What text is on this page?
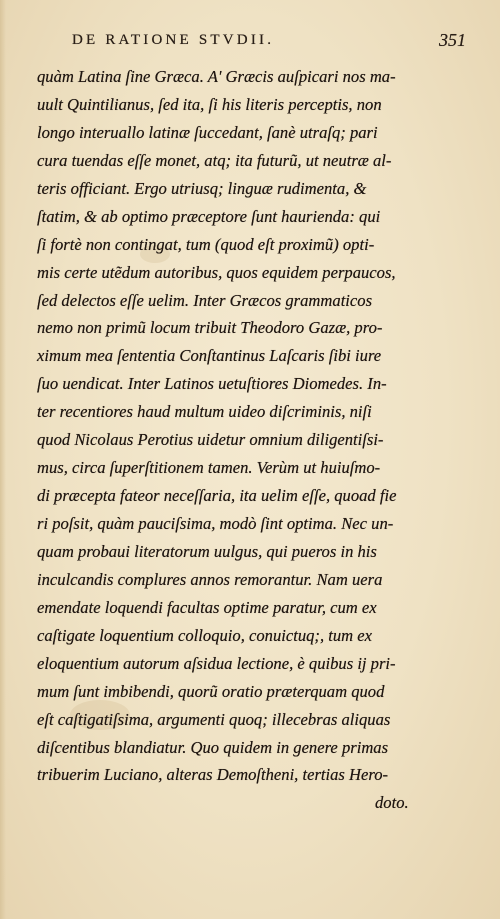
DE RATIONE STVDII.	351
quàm Latina ſine Græca. A' Græcis auſpicari nos ma-
uult Quintilianus, ſed ita, ſi his literis perceptis, non
longo interuallo latinæ ſuccedant, ſanè utraſq; pari
cura tuendas eſſe monet, atq; ita futurũ, ut neutræ al-
teris officiant. Ergo utriusq; linguæ rudimenta, &
ſtatim, & ab optimo præceptore ſunt haurienda: qui
ſi fortè non contingat, tum (quod eſt proximũ) opti-
mis certe utẽdum autoribus, quos equidem perpaucos,
ſed delectos eſſe uelim. Inter Græcos grammaticos
nemo non primũ locum tribuit Theodoro Gazæ, pro-
ximum mea ſententia Conſtantinus Laſcaris ſibi iure
ſuo uendicat. Inter Latinos uetuſtiores Diomedes. In-
ter recentiores haud multum uideo diſcriminis, niſi
quod Nicolaus Perotius uidetur omnium diligentiſsi-
mus, circa ſuperſtitionem tamen. Verùm ut huiuſmo-
di præcepta fateor neceſſaria, ita uelim eſſe, quoad fie
ri poſsit, quàm pauciſsima, modò ſint optima. Nec un-
quam probaui literatorum uulgus, qui pueros in his
inculcandis complures annos remorantur. Nam uera
emendate loquendi facultas optime paratur, cum ex
caſtigate loquentium colloquio, conuictuq;, tum ex
eloquentium autorum aſsidua lectione, è quibus ij pri-
mum ſunt imbibendi, quorũ oratio præterquam quod
eſt caſtigatiſsima, argumenti quoq; illecebras aliquas
diſcentibus blandiatur. Quo quidem in genere primas
tribuerim Luciano, alteras Demoſtheni, tertias Hero-
doto.
